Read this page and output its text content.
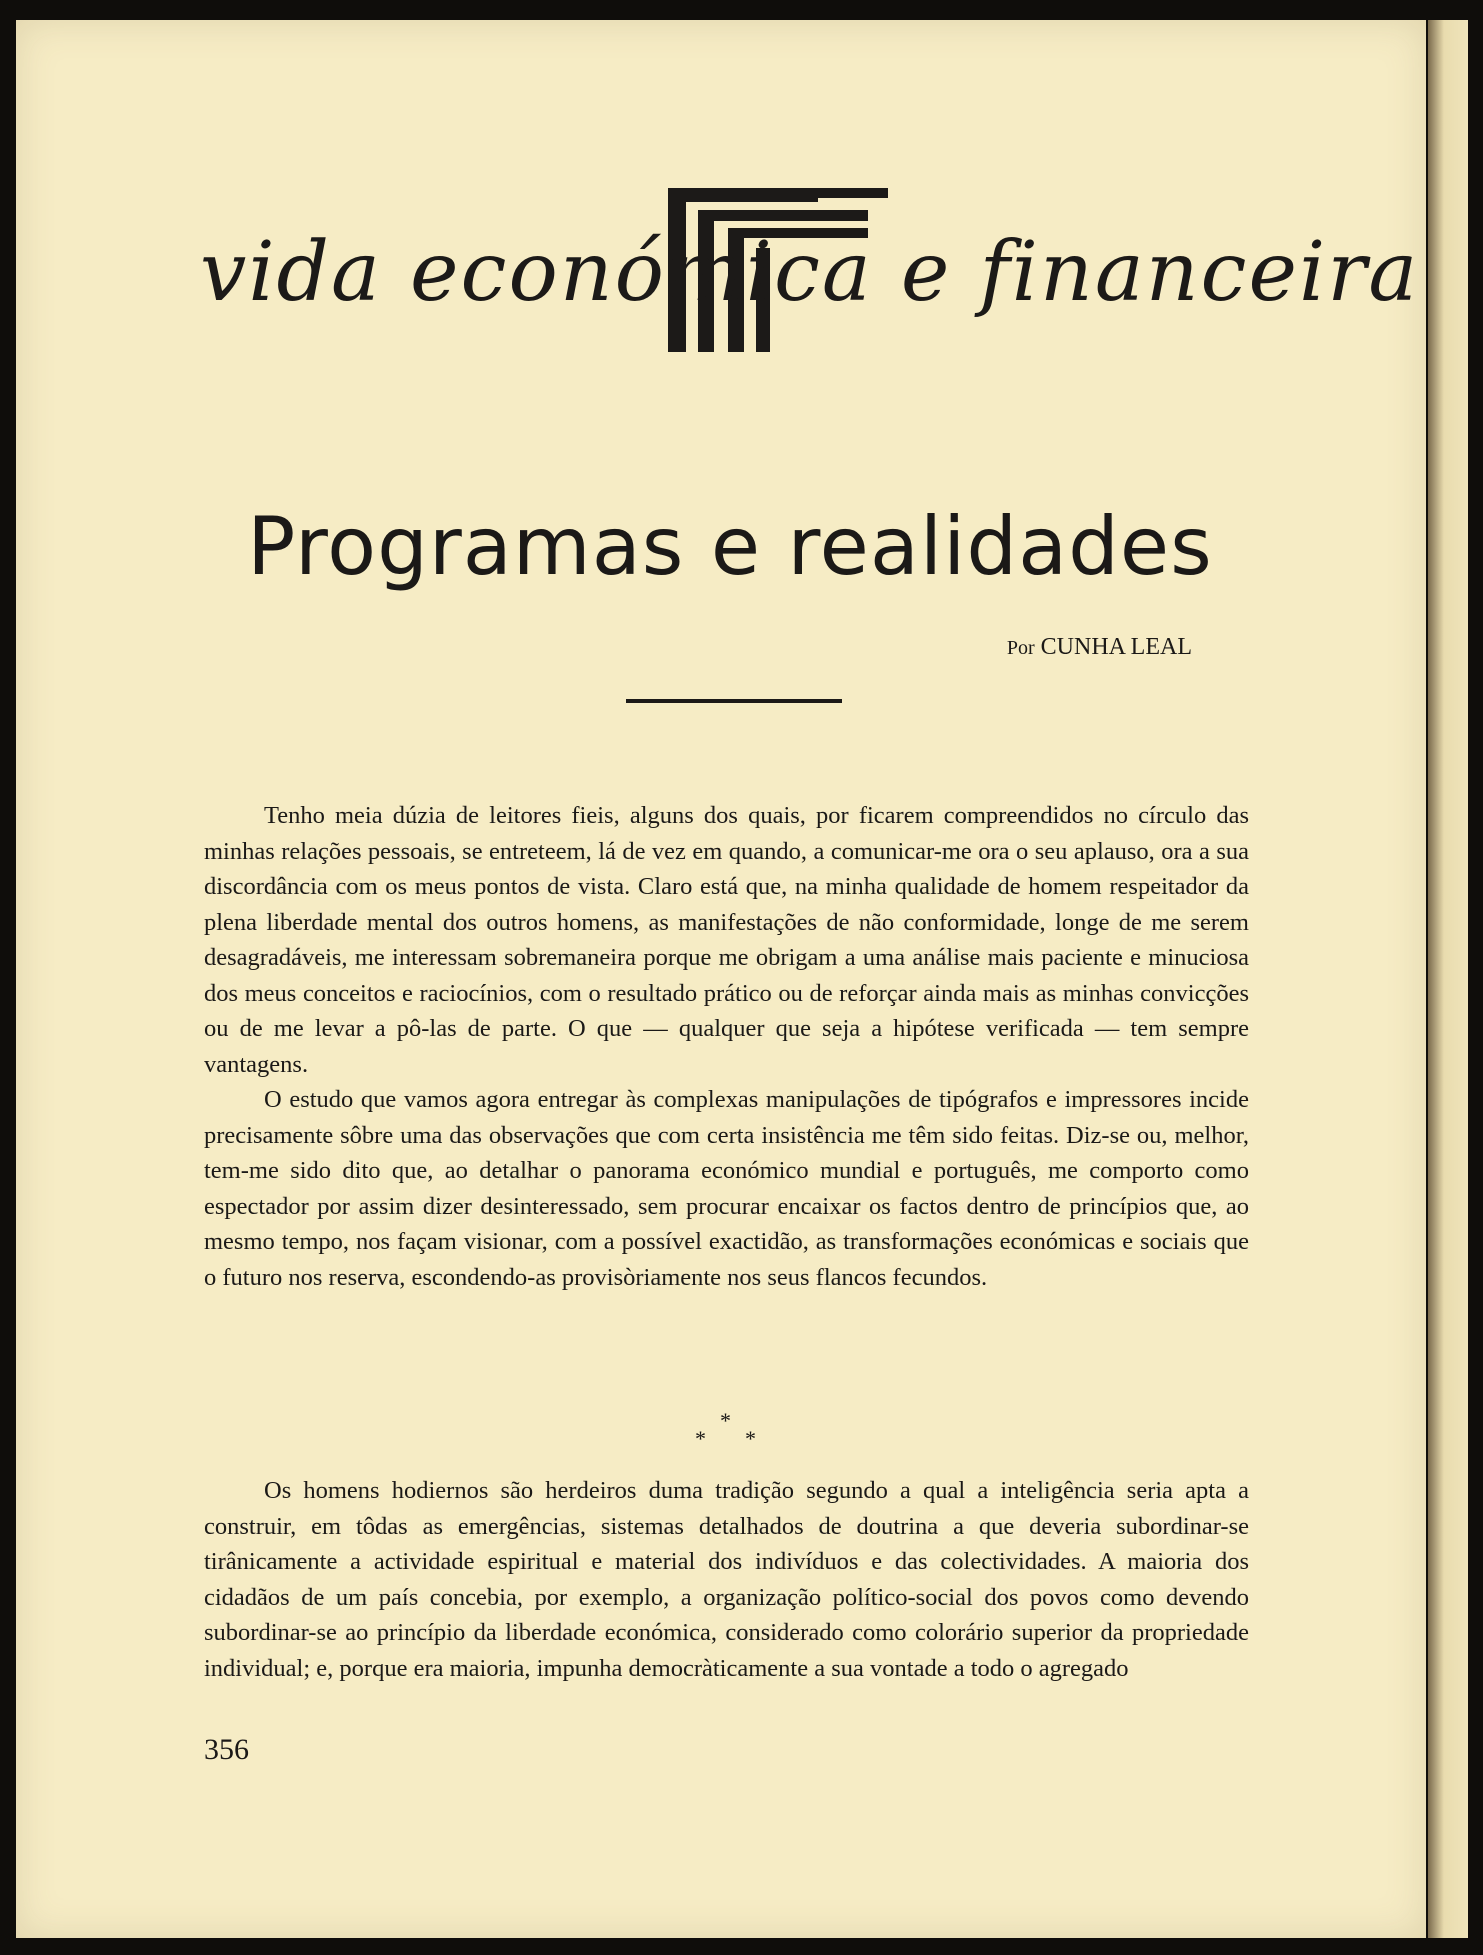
vida económica e financeira
Programas e realidades
Por CUNHA LEAL

Tenho meia dúzia de leitores fieis, alguns dos quais, por ficarem compreendidos no círculo das minhas relações pessoais, se entreteem, lá de vez em quando, a comunicar-me ora o seu aplauso, ora a sua discordância com os meus pontos de vista. Claro está que, na minha qualidade de homem respeitador da plena liberdade mental dos outros homens, as manifestações de não conformidade, longe de me serem desagradáveis, me interessam sobremaneira porque me obrigam a uma análise mais paciente e minuciosa dos meus conceitos e raciocínios, com o resultado prático ou de reforçar ainda mais as minhas convicções ou de me levar a pô-las de parte. O que — qualquer que seja a hipótese verificada — tem sempre vantagens.

O estudo que vamos agora entregar às complexas manipulações de tipógrafos e impressores incide precisamente sôbre uma das observações que com certa insistência me têm sido feitas. Diz-se ou, melhor, tem-me sido dito que, ao detalhar o panorama económico mundial e português, me comporto como espectador por assim dizer desinteressado, sem procurar encaixar os factos dentro de princípios que, ao mesmo tempo, nos façam visionar, com a possível exactidão, as transformações económicas e sociais que o futuro nos reserva, escondendo-as provisòriamente nos seus flancos fecundos.

*
* *

Os homens hodiernos são herdeiros duma tradição segundo a qual a inteligência seria apta a construir, em tôdas as emergências, sistemas detalhados de doutrina a que deveria subordinar-se tirânicamente a actividade espiritual e material dos indivíduos e das colectividades. A maioria dos cidadãos de um país concebia, por exemplo, a organização político-social dos povos como devendo subordinar-se ao princípio da liberdade económica, considerado como colorário superior da propriedade individual; e, porque era maioria, impunha democràticamente a sua vontade a todo o agregado

356
